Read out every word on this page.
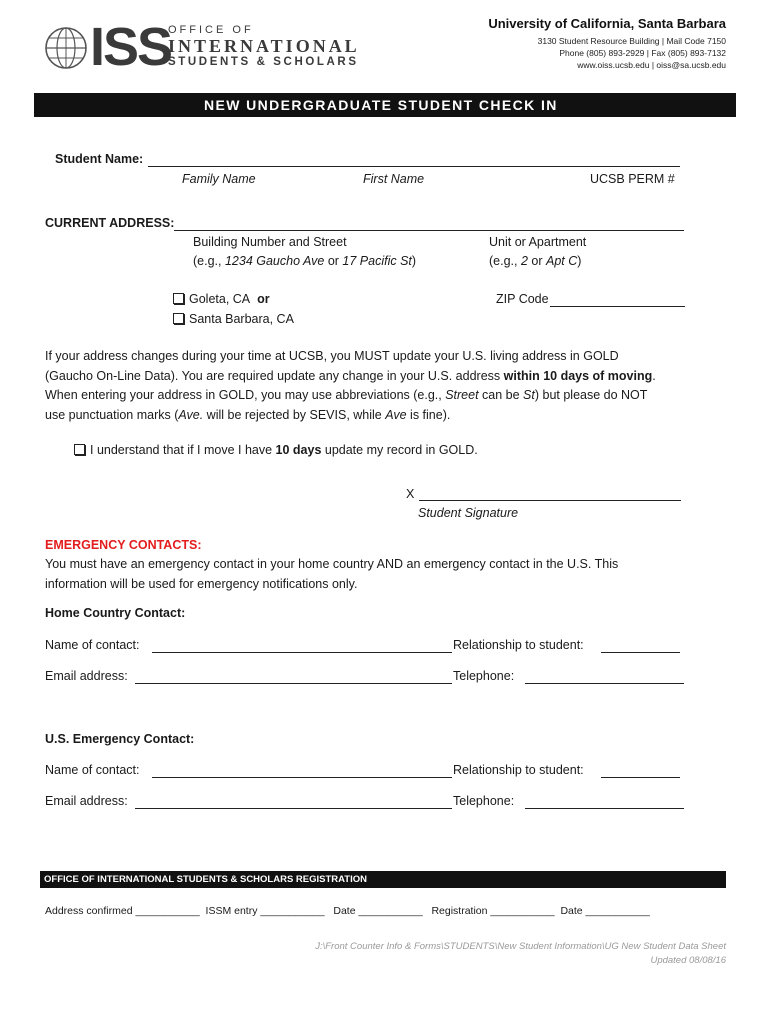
ISS
OFFICE OF
INTERNATIONAL
STUDENTS & SCHOLARS
University of California, Santa Barbara
3130 Student Resource Building | Mail Code 7150
Phone (805) 893-2929 | Fax (805) 893-7132
www.oiss.ucsb.edu | oiss@sa.ucsb.edu
NEW UNDERGRADUATE STUDENT CHECK IN
Student Name:
Family Name	First Name	UCSB PERM #
CURRENT ADDRESS:
Building Number and Street
(e.g., 1234 Gaucho Ave or 17 Pacific St)
Unit or Apartment
(e.g., 2 or Apt C)
Goleta, CA or
Santa Barbara, CA
ZIP Code
If your address changes during your time at UCSB, you MUST update your U.S. living address in GOLD
(Gaucho On-Line Data). You are required update any change in your U.S. address within 10 days of moving.
When entering your address in GOLD, you may use abbreviations (e.g., Street can be St) but please do NOT
use punctuation marks (Ave. will be rejected by SEVIS, while Ave is fine).
I understand that if I move I have 10 days update my record in GOLD.
X
Student Signature
EMERGENCY CONTACTS:
You must have an emergency contact in your home country AND an emergency contact in the U.S. This
information will be used for emergency notifications only.
Home Country Contact:
Name of contact:	Relationship to student:
Email address:	Telephone:
U.S. Emergency Contact:
Name of contact:	Relationship to student:
Email address:	Telephone:
OFFICE OF INTERNATIONAL STUDENTS & SCHOLARS REGISTRATION
Address confirmed ___________  ISSM entry ___________   Date ___________   Registration ___________  Date ___________
J:\Front Counter Info & Forms\STUDENTS\New Student Information\UG New Student Data Sheet
Updated 08/08/16
